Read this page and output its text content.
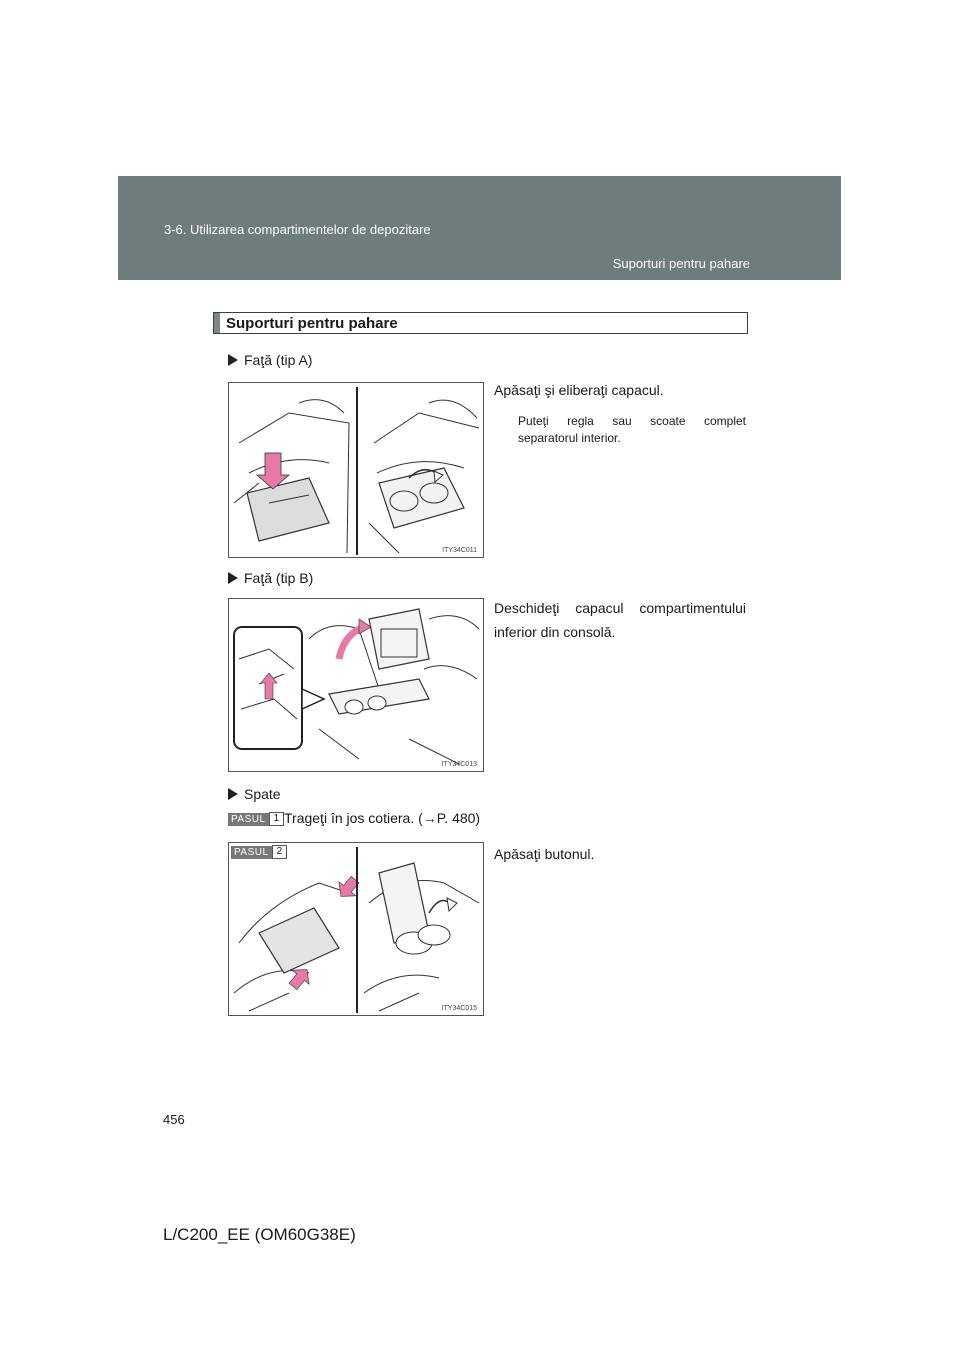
3-6. Utilizarea compartimentelor de depozitare
Suporturi pentru pahare
Suporturi pentru pahare
Faţă (tip A)
Apăsaţi şi eliberaţi capacul.
Puteţi regla sau scoate complet separatorul interior.
ITY34C011
Faţă (tip B)
Deschideţi capacul compartimentului inferior din consolă.
ITY34C013
Spate
PASUL 1 Trageţi în jos cotiera. (→P. 480)
Apăsaţi butonul.
PASUL 2
ITY34C015
456
L/C200_EE (OM60G38E)
